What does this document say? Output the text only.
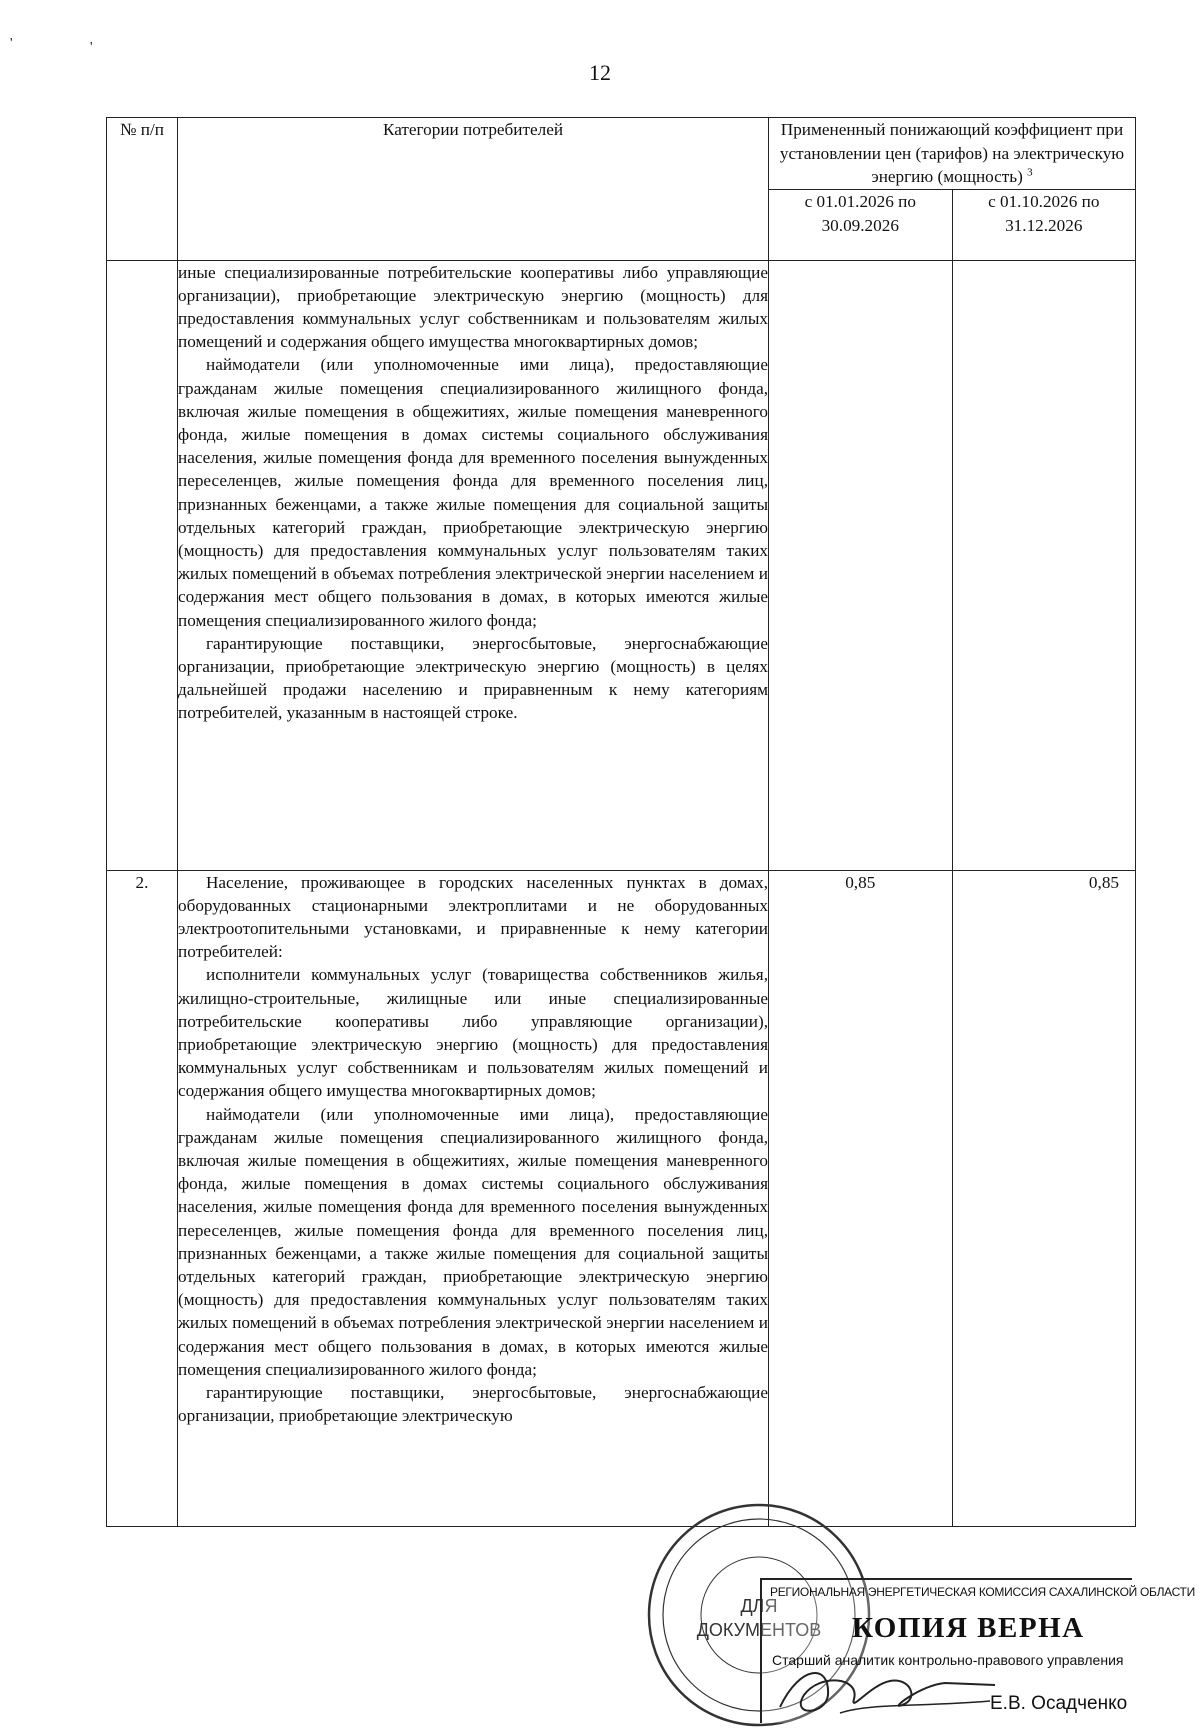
'	'
12
№ п/п	Категории потребителей	Примененный понижающий коэффициент при установлении цен (тарифов) на электрическую энергию (мощность) $^3$
		с 01.01.2026 по 30.09.2026	с 01.10.2026 по 31.12.2026

	иные специализированные потребительские кооперативы либо управляющие организации), приобретающие электрическую энергию (мощность) для предоставления коммунальных услуг собственникам и пользователям жилых помещений и содержания общего имущества многоквартирных домов;
наймодатели (или уполномоченные ими лица), предоставляющие гражданам жилые помещения специализированного жилищного фонда, включая жилые помещения в общежитиях, жилые помещения маневренного фонда, жилые помещения в домах системы социального обслуживания населения, жилые помещения фонда для временного поселения вынужденных переселенцев, жилые помещения фонда для временного поселения лиц, признанных беженцами, а также жилые помещения для социальной защиты отдельных категорий граждан, приобретающие электрическую энергию (мощность) для предоставления коммунальных услуг пользователям таких жилых помещений в объемах потребления электрической энергии населением и содержания мест общего пользования в домах, в которых имеются жилые помещения специализированного жилого фонда;
гарантирующие поставщики, энергосбытовые, энергоснабжающие организации, приобретающие электрическую энергию (мощность) в целях дальнейшей продажи населению и приравненным к нему категориям потребителей, указанным в настоящей строке.		

2.	Население, проживающее в городских населенных пунктах в домах, оборудованных стационарными электроплитами и не оборудованных электроотопительными установками, и приравненные к нему категории потребителей:
исполнители коммунальных услуг (товарищества собственников жилья, жилищно-строительные, жилищные или иные специализированные потребительские кооперативы либо управляющие организации), приобретающие электрическую энергию (мощность) для предоставления коммунальных услуг собственникам и пользователям жилых помещений и содержания общего имущества многоквартирных домов;
наймодатели (или уполномоченные ими лица), предоставляющие гражданам жилые помещения специализированного жилищного фонда, включая жилые помещения в общежитиях, жилые помещения маневренного фонда, жилые помещения в домах системы социального обслуживания населения, жилые помещения фонда для временного поселения вынужденных переселенцев, жилые помещения фонда для временного поселения лиц, признанных беженцами, а также жилые помещения для социальной защиты отдельных категорий граждан, приобретающие электрическую энергию (мощность) для предоставления коммунальных услуг пользователям таких жилых помещений в объемах потребления электрической энергии населением и содержания мест общего пользования в домах, в которых имеются жилые помещения специализированного жилого фонда;
гарантирующие поставщики, энергосбытовые, энергоснабжающие организации, приобретающие электрическую	0,85	0,85
ДЛЯ
ДОКУМЕНТОВ
РЕГИОНАЛЬНАЯ ЭНЕРГЕТИЧЕСКАЯ КОМИССИЯ САХАЛИНСКОЙ ОБЛАСТИ
КОПИЯ ВЕРНА
Старший аналитик контрольно-правового управления
Е.В. Осадченко
